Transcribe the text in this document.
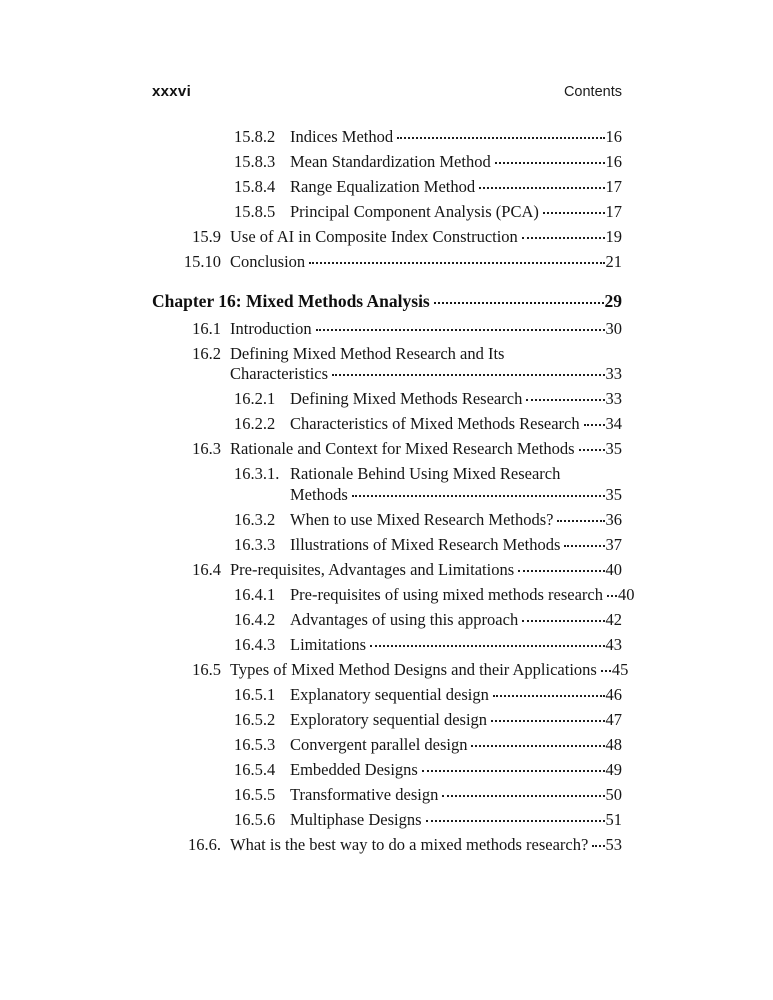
xxxvi	Contents
15.8.2 Indices Method	16
15.8.3 Mean Standardization Method	16
15.8.4 Range Equalization Method	17
15.8.5 Principal Component Analysis (PCA)	17
15.9 Use of AI in Composite Index Construction	19
15.10 Conclusion	21
Chapter 16: Mixed Methods Analysis	29
16.1 Introduction	30
16.2 Defining Mixed Method Research and Its
Characteristics	33
16.2.1 Defining Mixed Methods Research	33
16.2.2 Characteristics of Mixed Methods Research 34
16.3 Rationale and Context for Mixed Research Methods 35
16.3.1. Rationale Behind Using Mixed Research
Methods	35
16.3.2 When to use Mixed Research Methods?	36
16.3.3 Illustrations of Mixed Research Methods	37
16.4 Pre-requisites, Advantages and Limitations	40
16.4.1 Pre-requisites of using mixed methods research 40
16.4.2 Advantages of using this approach	42
16.4.3 Limitations	43
16.5 Types of Mixed Method Designs and their Applications 45
16.5.1 Explanatory sequential design	46
16.5.2 Exploratory sequential design	47
16.5.3 Convergent parallel design	48
16.5.4 Embedded Designs	49
16.5.5 Transformative design	50
16.5.6 Multiphase Designs	51
16.6. What is the best way to do a mixed methods research? 53
